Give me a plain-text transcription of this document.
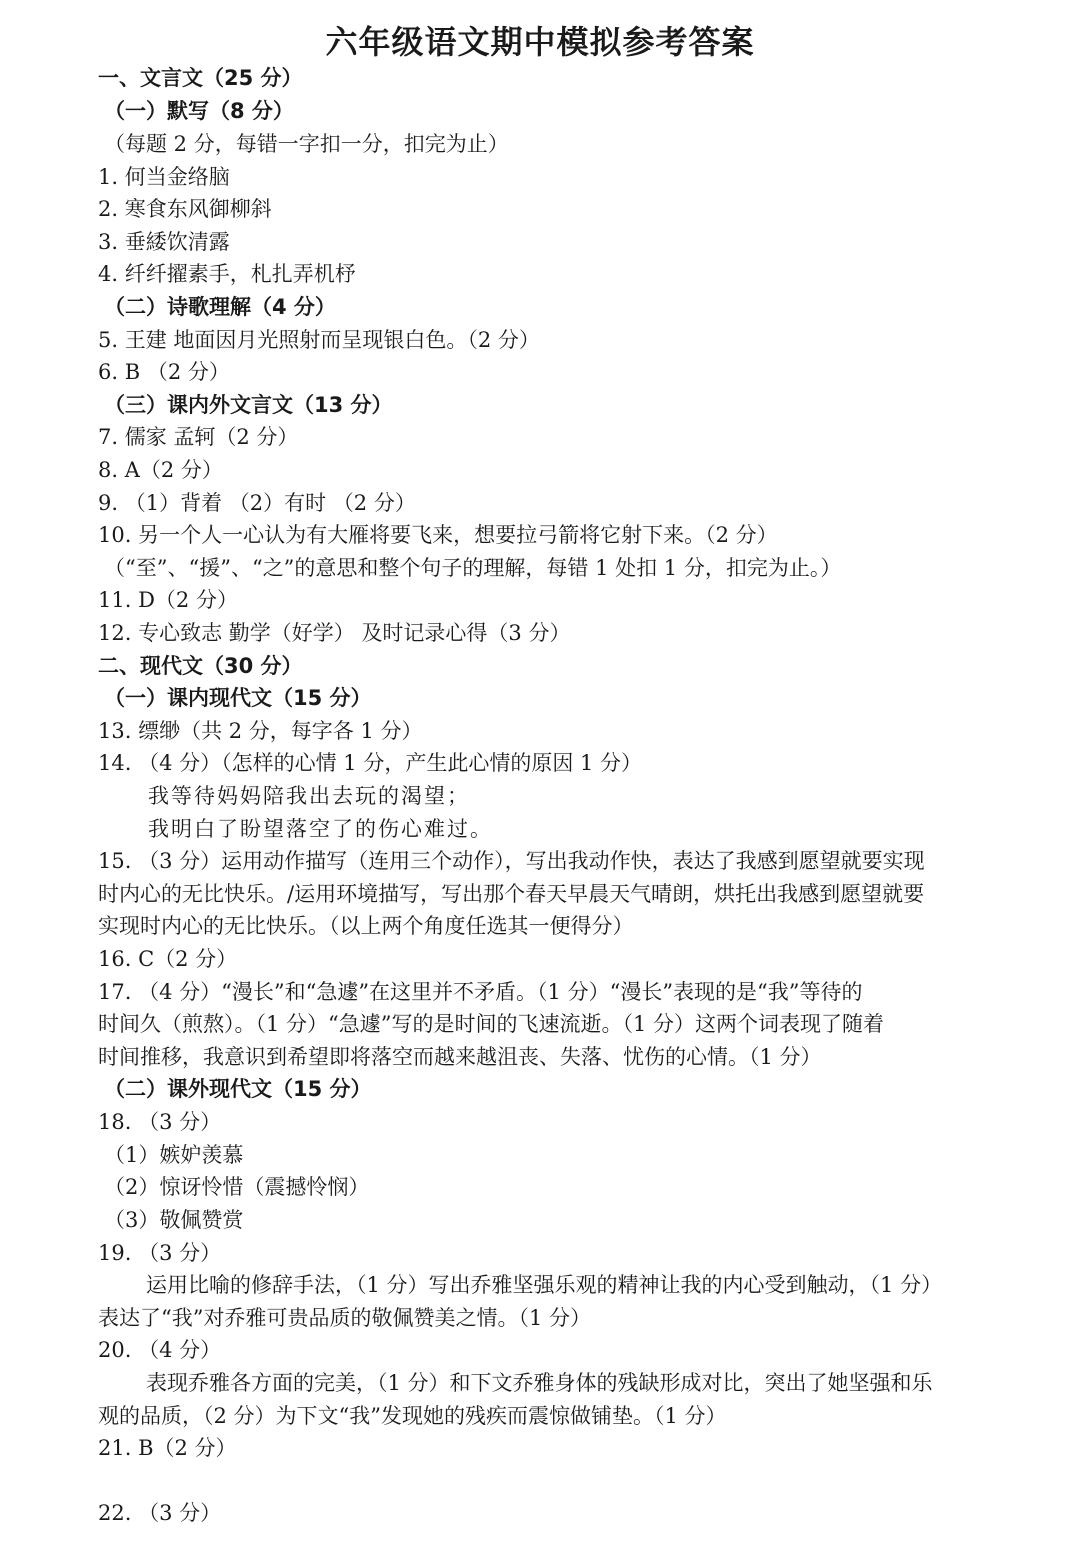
六年级语文期中模拟参考答案
一、文言文（25 分）
（一）默写（8 分）
（每题 2 分，每错一字扣一分，扣完为止）
1. 何当金络脑
2. 寒食东风御柳斜
3. 垂緌饮清露
4. 纤纤擢素手，札扎弄机杼
（二）诗歌理解（4 分）
5. 王建 地面因月光照射而呈现银白色。（2 分）
6. B （2 分）
（三）课内外文言文（13 分）
7. 儒家 孟轲（2 分）
8. A（2 分）
9. （1）背着 （2）有时 （2 分）
10. 另一个人一心认为有大雁将要飞来，想要拉弓箭将它射下来。（2 分）
（“至”、“援”、“之”的意思和整个句子的理解，每错 1 处扣 1 分，扣完为止。）
11. D（2 分）
12. 专心致志 勤学（好学） 及时记录心得（3 分）
二、现代文（30 分）
（一）课内现代文（15 分）
13. 缥缈（共 2 分，每字各 1 分）
14. （4 分）（怎样的心情 1 分，产生此心情的原因 1 分）
我等待妈妈陪我出去玩的渴望；
我明白了盼望落空了的伤心难过。
15. （3 分）运用动作描写（连用三个动作），写出我动作快，表达了我感到愿望就要实现
时内心的无比快乐。/运用环境描写，写出那个春天早晨天气晴朗，烘托出我感到愿望就要
实现时内心的无比快乐。（以上两个角度任选其一便得分）
16. C（2 分）
17. （4 分）“漫长”和“急遽”在这里并不矛盾。（1 分）“漫长”表现的是“我”等待的
时间久（煎熬）。（1 分）“急遽”写的是时间的飞速流逝。（1 分）这两个词表现了随着
时间推移，我意识到希望即将落空而越来越沮丧、失落、忧伤的心情。（1 分）
（二）课外现代文（15 分）
18. （3 分）
（1）嫉妒羡慕
（2）惊讶怜惜（震撼怜悯）
（3）敬佩赞赏
19. （3 分）
运用比喻的修辞手法，（1 分）写出乔雅坚强乐观的精神让我的内心受到触动，（1 分）
表达了“我”对乔雅可贵品质的敬佩赞美之情。（1 分）
20. （4 分）
表现乔雅各方面的完美，（1 分）和下文乔雅身体的残缺形成对比，突出了她坚强和乐
观的品质，（2 分）为下文“我”发现她的残疾而震惊做铺垫。（1 分）
21. B（2 分）
22. （3 分）
